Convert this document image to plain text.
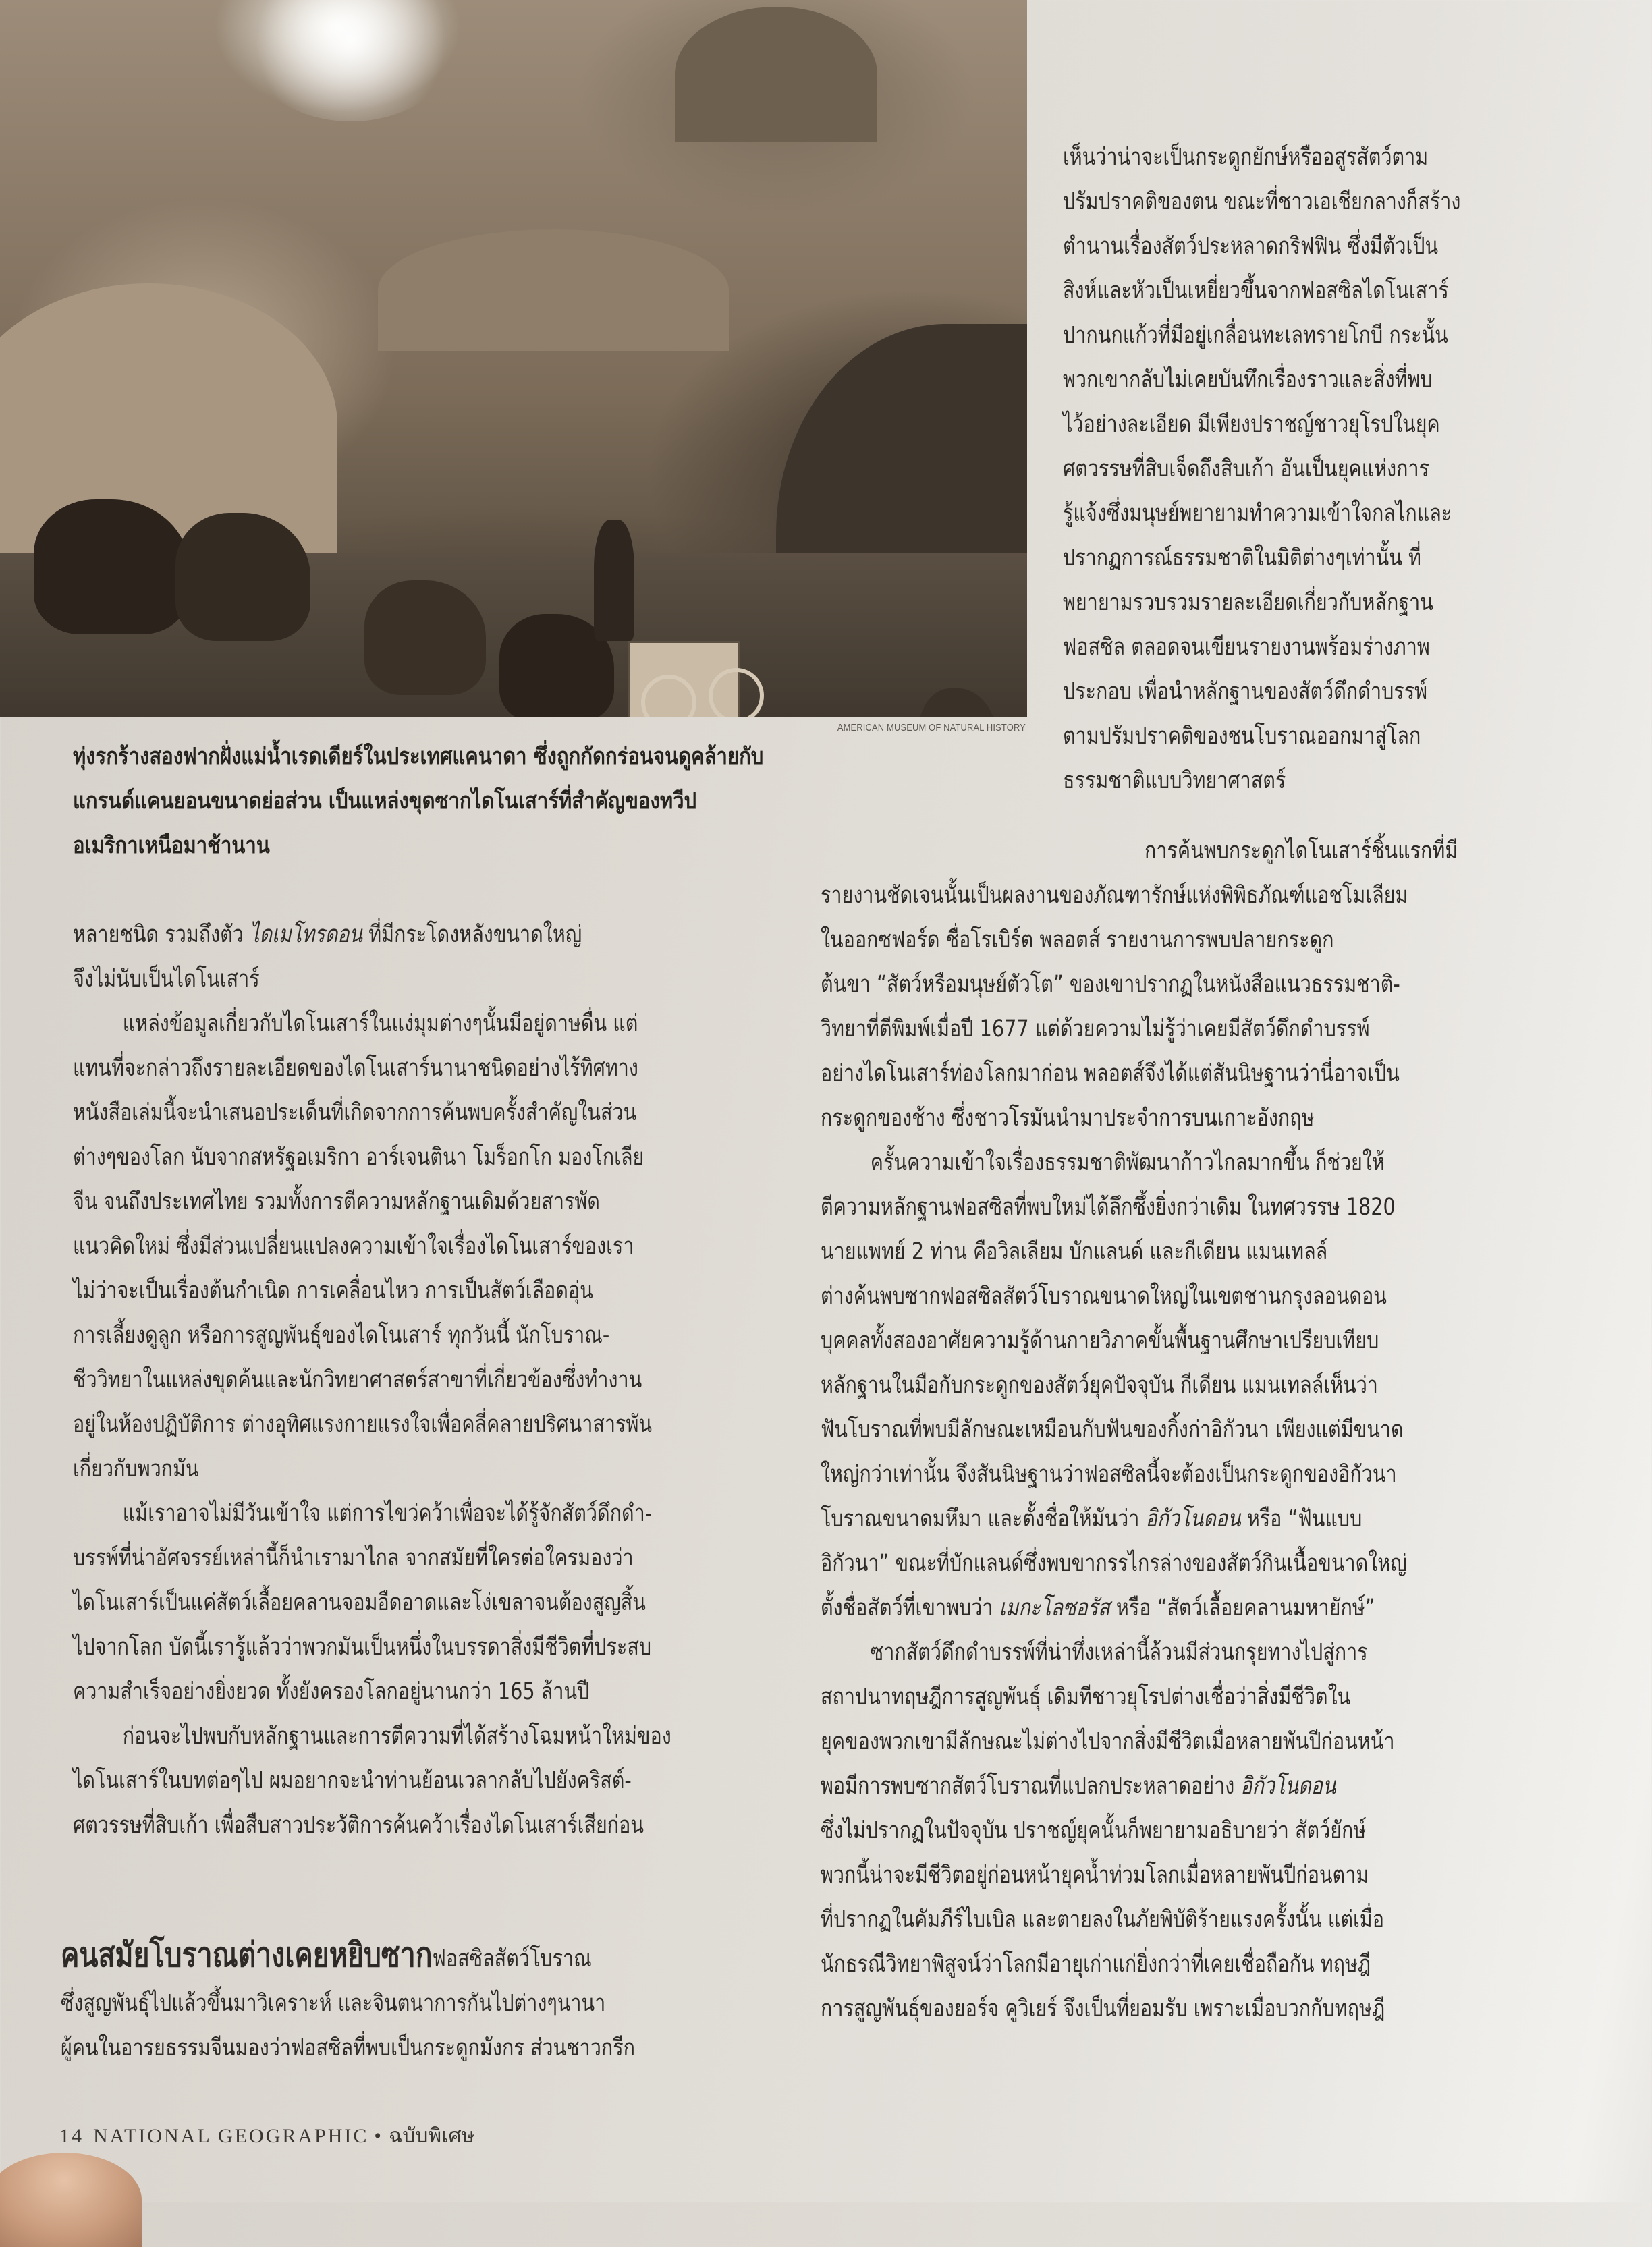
AMERICAN MUSEUM OF NATURAL HISTORY
ทุ่งรกร้างสองฟากฝั่งแม่น้ำเรดเดียร์ในประเทศแคนาดา ซึ่งถูกกัดกร่อนจนดูคล้ายกับ
แกรนด์แคนยอนขนาดย่อส่วน เป็นแหล่งขุดซากไดโนเสาร์ที่สำคัญของทวีป
อเมริกาเหนือมาช้านาน
เห็นว่าน่าจะเป็นกระดูกยักษ์หรืออสูรสัตว์ตาม
ปรัมปราคติของตน ขณะที่ชาวเอเชียกลางก็สร้าง
ตำนานเรื่องสัตว์ประหลาดกริฟฟิน ซึ่งมีตัวเป็น
สิงห์และหัวเป็นเหยี่ยวขึ้นจากฟอสซิลไดโนเสาร์
ปากนกแก้วที่มีอยู่เกลื่อนทะเลทรายโกบี กระนั้น
พวกเขากลับไม่เคยบันทึกเรื่องราวและสิ่งที่พบ
ไว้อย่างละเอียด มีเพียงปราชญ์ชาวยุโรปในยุค
ศตวรรษที่สิบเจ็ดถึงสิบเก้า อันเป็นยุคแห่งการ
รู้แจ้งซึ่งมนุษย์พยายามทำความเข้าใจกลไกและ
ปรากฏการณ์ธรรมชาติในมิติต่างๆเท่านั้น ที่
พยายามรวบรวมรายละเอียดเกี่ยวกับหลักฐาน
ฟอสซิล ตลอดจนเขียนรายงานพร้อมร่างภาพ
ประกอบ เพื่อนำหลักฐานของสัตว์ดึกดำบรรพ์
ตามปรัมปราคติของชนโบราณออกมาสู่โลก
ธรรมชาติแบบวิทยาศาสตร์
การค้นพบกระดูกไดโนเสาร์ชิ้นแรกที่มี
รายงานชัดเจนนั้นเป็นผลงานของภัณฑารักษ์แห่งพิพิธภัณฑ์แอชโมเลียม
ในออกซฟอร์ด ชื่อโรเบิร์ต พลอตส์ รายงานการพบปลายกระดูก
ต้นขา “สัตว์หรือมนุษย์ตัวโต” ของเขาปรากฏในหนังสือแนวธรรมชาติ-
วิทยาที่ตีพิมพ์เมื่อปี 1677 แต่ด้วยความไม่รู้ว่าเคยมีสัตว์ดึกดำบรรพ์
อย่างไดโนเสาร์ท่องโลกมาก่อน พลอตส์จึงได้แต่สันนิษฐานว่านี่อาจเป็น
กระดูกของช้าง ซึ่งชาวโรมันนำมาประจำการบนเกาะอังกฤษ
ครั้นความเข้าใจเรื่องธรรมชาติพัฒนาก้าวไกลมากขึ้น ก็ช่วยให้
ตีความหลักฐานฟอสซิลที่พบใหม่ได้ลึกซึ้งยิ่งกว่าเดิม ในทศวรรษ 1820
นายแพทย์ 2 ท่าน คือวิลเลียม บักแลนด์ และกีเดียน แมนเทลล์
ต่างค้นพบซากฟอสซิลสัตว์โบราณขนาดใหญ่ในเขตชานกรุงลอนดอน
บุคคลทั้งสองอาศัยความรู้ด้านกายวิภาคขั้นพื้นฐานศึกษาเปรียบเทียบ
หลักฐานในมือกับกระดูกของสัตว์ยุคปัจจุบัน กีเดียน แมนเทลล์เห็นว่า
ฟันโบราณที่พบมีลักษณะเหมือนกับฟันของกิ้งก่าอิกัวนา เพียงแต่มีขนาด
ใหญ่กว่าเท่านั้น จึงสันนิษฐานว่าฟอสซิลนี้จะต้องเป็นกระดูกของอิกัวนา
โบราณขนาดมหึมา และตั้งชื่อให้มันว่า อิกัวโนดอน หรือ “ฟันแบบ
อิกัวนา” ขณะที่บักแลนด์ซึ่งพบขากรรไกรล่างของสัตว์กินเนื้อขนาดใหญ่
ตั้งชื่อสัตว์ที่เขาพบว่า เมกะโลซอรัส หรือ “สัตว์เลื้อยคลานมหายักษ์”
ซากสัตว์ดึกดำบรรพ์ที่น่าทึ่งเหล่านี้ล้วนมีส่วนกรุยทางไปสู่การ
สถาปนาทฤษฎีการสูญพันธุ์ เดิมทีชาวยุโรปต่างเชื่อว่าสิ่งมีชีวิตใน
ยุคของพวกเขามีลักษณะไม่ต่างไปจากสิ่งมีชีวิตเมื่อหลายพันปีก่อนหน้า
พอมีการพบซากสัตว์โบราณที่แปลกประหลาดอย่าง อิกัวโนดอน
ซึ่งไม่ปรากฏในปัจจุบัน ปราชญ์ยุคนั้นก็พยายามอธิบายว่า สัตว์ยักษ์
พวกนี้น่าจะมีชีวิตอยู่ก่อนหน้ายุคน้ำท่วมโลกเมื่อหลายพันปีก่อนตาม
ที่ปรากฏในคัมภีร์ไบเบิล และตายลงในภัยพิบัติร้ายแรงครั้งนั้น แต่เมื่อ
นักธรณีวิทยาพิสูจน์ว่าโลกมีอายุเก่าแก่ยิ่งกว่าที่เคยเชื่อถือกัน ทฤษฎี
การสูญพันธุ์ของยอร์จ คูวิเยร์ จึงเป็นที่ยอมรับ เพราะเมื่อบวกกับทฤษฎี
หลายชนิด รวมถึงตัว ไดเมโทรดอน ที่มีกระโดงหลังขนาดใหญ่
จึงไม่นับเป็นไดโนเสาร์
แหล่งข้อมูลเกี่ยวกับไดโนเสาร์ในแง่มุมต่างๆนั้นมีอยู่ดาษดื่น แต่
แทนที่จะกล่าวถึงรายละเอียดของไดโนเสาร์นานาชนิดอย่างไร้ทิศทาง
หนังสือเล่มนี้จะนำเสนอประเด็นที่เกิดจากการค้นพบครั้งสำคัญในส่วน
ต่างๆของโลก นับจากสหรัฐอเมริกา อาร์เจนตินา โมร็อกโก มองโกเลีย
จีน จนถึงประเทศไทย รวมทั้งการตีความหลักฐานเดิมด้วยสารพัด
แนวคิดใหม่ ซึ่งมีส่วนเปลี่ยนแปลงความเข้าใจเรื่องไดโนเสาร์ของเรา
ไม่ว่าจะเป็นเรื่องต้นกำเนิด การเคลื่อนไหว การเป็นสัตว์เลือดอุ่น
การเลี้ยงดูลูก หรือการสูญพันธุ์ของไดโนเสาร์ ทุกวันนี้ นักโบราณ-
ชีววิทยาในแหล่งขุดค้นและนักวิทยาศาสตร์สาขาที่เกี่ยวข้องซึ่งทำงาน
อยู่ในห้องปฏิบัติการ ต่างอุทิศแรงกายแรงใจเพื่อคลี่คลายปริศนาสารพัน
เกี่ยวกับพวกมัน
แม้เราอาจไม่มีวันเข้าใจ แต่การไขว่คว้าเพื่อจะได้รู้จักสัตว์ดึกดำ-
บรรพ์ที่น่าอัศจรรย์เหล่านี้ก็นำเรามาไกล จากสมัยที่ใครต่อใครมองว่า
ไดโนเสาร์เป็นแค่สัตว์เลื้อยคลานจอมอืดอาดและโง่เขลาจนต้องสูญสิ้น
ไปจากโลก บัดนี้เรารู้แล้วว่าพวกมันเป็นหนึ่งในบรรดาสิ่งมีชีวิตที่ประสบ
ความสำเร็จอย่างยิ่งยวด ทั้งยังครองโลกอยู่นานกว่า 165 ล้านปี
ก่อนจะไปพบกับหลักฐานและการตีความที่ได้สร้างโฉมหน้าใหม่ของ
ไดโนเสาร์ในบทต่อๆไป ผมอยากจะนำท่านย้อนเวลากลับไปยังคริสต์-
ศตวรรษที่สิบเก้า เพื่อสืบสาวประวัติการค้นคว้าเรื่องไดโนเสาร์เสียก่อน
คนสมัยโบราณต่างเคยหยิบซากฟอสซิลสัตว์โบราณ
ซึ่งสูญพันธุ์ไปแล้วขึ้นมาวิเคราะห์ และจินตนาการกันไปต่างๆนานา
ผู้คนในอารยธรรมจีนมองว่าฟอสซิลที่พบเป็นกระดูกมังกร ส่วนชาวกรีก
14 NATIONAL GEOGRAPHIC • ฉบับพิเศษ
